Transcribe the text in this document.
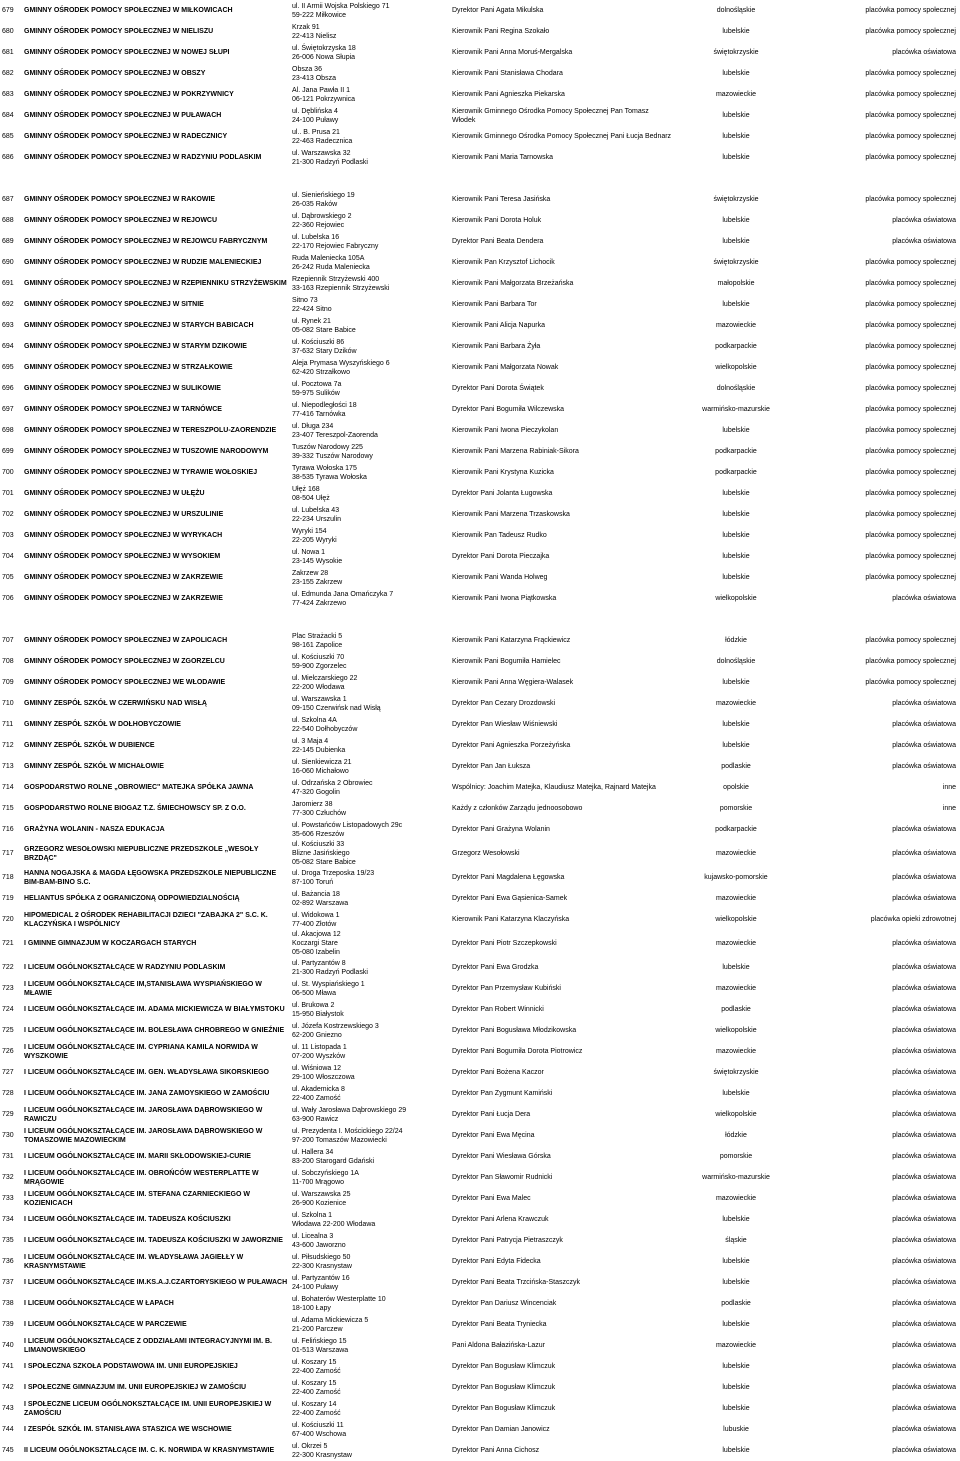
679	GMINNY OŚRODEK POMOCY SPOŁECZNEJ W MIŁKOWICACH	ul. II Armii Wojska Polskiego 71
59-222 Miłkowice	Dyrektor Pani Agata Mikulska	dolnośląskie	placówka pomocy społecznej
680	GMINNY OŚRODEK POMOCY SPOŁECZNEJ W NIELISZU	Krzak 91
22-413 Nielisz	Kierownik Pani Regina Szokało	lubelskie	placówka pomocy społecznej
681	GMINNY OŚRODEK POMOCY SPOŁECZNEJ W NOWEJ SŁUPI	ul. Świętokrzyska 18
26-006 Nowa Słupia	Kierownik Pani Anna Moruś-Mergalska	świętokrzyskie	placówka oświatowa
682	GMINNY OŚRODEK POMOCY SPOŁECZNEJ W OBSZY	Obsza 36
23-413 Obsza	Kierownik Pani Stanisława Chodara	lubelskie	placówka pomocy społecznej
683	GMINNY OŚRODEK POMOCY SPOŁECZNEJ W POKRZYWNICY	Al. Jana Pawła II 1
06-121 Pokrzywnica	Kierownik Pani Agnieszka Piekarska	mazowieckie	placówka pomocy społecznej
684	GMINNY OŚRODEK POMOCY SPOŁECZNEJ W PUŁAWACH	ul. Dęblińska 4
24-100 Puławy	Kierownik Gminnego Ośrodka Pomocy Społecznej Pan Tomasz Włodek	lubelskie	placówka pomocy społecznej
685	GMINNY OŚRODEK POMOCY SPOŁECZNEJ W RADECZNICY	ul.. B. Prusa 21
22-463 Radecznica	Kierownik Gminnego Ośrodka Pomocy Społecznej Pani Łucja Bednarz	lubelskie	placówka pomocy społecznej
686	GMINNY OŚRODEK POMOCY SPOŁECZNEJ W RADZYNIU PODLASKIM	ul. Warszawska 32
21-300 Radzyń Podlaski	Kierownik Pani Maria Tarnowska	lubelskie	placówka pomocy społecznej

687	GMINNY OŚRODEK POMOCY SPOŁECZNEJ W RAKOWIE	ul. Sienieńskiego 19
26-035 Raków	Kierownik Pani Teresa Jasińska	świętokrzyskie	placówka pomocy społecznej
688	GMINNY OŚRODEK POMOCY SPOŁECZNEJ W REJOWCU	ul. Dąbrowskiego 2
22-360 Rejowiec	Kierownik Pani Dorota Holuk	lubelskie	placówka oświatowa
689	GMINNY OŚRODEK POMOCY SPOŁECZNEJ W REJOWCU FABRYCZNYM	ul. Lubelska 16
22-170 Rejowiec Fabryczny	Dyrektor Pani Beata Dendera	lubelskie	placówka oświatowa
690	GMINNY OŚRODEK POMOCY SPOŁECZNEJ W RUDZIE MALENIECKIEJ	Ruda Maleniecka 105A
26-242 Ruda Maleniecka	Kierownik Pan Krzysztof Lichocik	świętokrzyskie	placówka pomocy społecznej
691	GMINNY OŚRODEK POMOCY SPOŁECZNEJ W RZEPIENNIKU STRZYŻEWSKIM	Rzepiennik Strzyżewski 400
33-163 Rzepiennik Strzyżewski	Kierownik Pani Małgorzata Brzeżańska	małopolskie	placówka pomocy społecznej
692	GMINNY OŚRODEK POMOCY SPOŁECZNEJ W SITNIE	Sitno 73
22-424 Sitno	Kierownik Pani Barbara Tor	lubelskie	placówka pomocy społecznej
693	GMINNY OŚRODEK POMOCY SPOŁECZNEJ W STARYCH BABICACH	ul. Rynek 21
05-082 Stare Babice	Kierownik Pani Alicja Napurka	mazowieckie	placówka pomocy społecznej
694	GMINNY OŚRODEK POMOCY SPOŁECZNEJ W STARYM DZIKOWIE	ul. Kościuszki 86
37-632 Stary Dzików	Kierownik Pani Barbara Żyła	podkarpackie	placówka pomocy społecznej
695	GMINNY OŚRODEK POMOCY SPOŁECZNEJ W STRZAŁKOWIE	Aleja Prymasa Wyszyńskiego 6
62-420 Strzałkowo	Kierownik Pani Małgorzata Nowak	wielkopolskie	placówka pomocy społecznej
696	GMINNY OŚRODEK POMOCY SPOŁECZNEJ W SULIKOWIE	ul. Pocztowa 7a
59-975 Sulików	Dyrektor Pani Dorota Świątek	dolnośląskie	placówka pomocy społecznej
697	GMINNY OŚRODEK POMOCY SPOŁECZNEJ W TARNÓWCE	ul. Niepodległości 18
77-416 Tarnówka	Dyrektor Pani Bogumiła Wilczewska	warmińsko-mazurskie	placówka pomocy społecznej
698	GMINNY OŚRODEK POMOCY SPOŁECZNEJ W TERESZPOLU-ZAORENDZIE	ul. Długa 234
23-407 Tereszpol-Zaorenda	Kierownik Pani Iwona Pieczykolan	lubelskie	placówka pomocy społecznej
699	GMINNY OŚRODEK POMOCY SPOŁECZNEJ W TUSZOWIE NARODOWYM	Tuszów Narodowy 225
39-332 Tuszów Narodowy	Kierownik Pani Marzena Rabiniak-Sikora	podkarpackie	placówka pomocy społecznej
700	GMINNY OŚRODEK POMOCY SPOŁECZNEJ W TYRAWIE WOŁOSKIEJ	Tyrawa Wołoska 175
38-535 Tyrawa Wołoska	Kierownik Pani Krystyna Kuzicka	podkarpackie	placówka pomocy społecznej
701	GMINNY OŚRODEK POMOCY SPOŁECZNEJ W UŁĘŻU	Ułęż 168
08-504 Ułęż	Dyrektor Pani Jolanta Ługowska	lubelskie	placówka pomocy społecznej
702	GMINNY OŚRODEK POMOCY SPOŁECZNEJ W URSZULINIE	ul. Lubelska 43
22-234 Urszulin	Kierownik Pani Marzena Trzaskowska	lubelskie	placówka pomocy społecznej
703	GMINNY OŚRODEK POMOCY SPOŁECZNEJ W WYRYKACH	Wyryki 154
22-205 Wyryki	Kierownik Pan Tadeusz Rudko	lubelskie	placówka pomocy społecznej
704	GMINNY OŚRODEK POMOCY SPOŁECZNEJ W WYSOKIEM	ul. Nowa 1
23-145 Wysokie	Dyrektor Pani Dorota Pieczajka	lubelskie	placówka pomocy społecznej
705	GMINNY OŚRODEK POMOCY SPOŁECZNEJ W ZAKRZEWIE	Zakrzew 28
23-155 Zakrzew	Kierownik Pani Wanda Holweg	lubelskie	placówka pomocy społecznej
706	GMINNY OŚRODEK POMOCY SPOŁECZNEJ W ZAKRZEWIE	ul. Edmunda Jana Omańczyka 7
77-424 Zakrzewo	Kierownik Pani Iwona Piątkowska	wielkopolskie	placówka oświatowa

707	GMINNY OŚRODEK POMOCY SPOŁECZNEJ W ZAPOLICACH	Plac Strażacki 5
98-161 Zapolice	Kierownik Pani Katarzyna Frąckiewicz	łódzkie	placówka pomocy społecznej
708	GMINNY OŚRODEK POMOCY SPOŁECZNEJ W ZGORZELCU	ul. Kościuszki 70
59-900 Zgorzelec	Kierownik Pani Bogumiła Hamielec	dolnośląskie	placówka pomocy społecznej
709	GMINNY OŚRODEK POMOCY SPOŁECZNEJ WE WŁODAWIE	ul. Mielczarskiego 22
22-200 Włodawa	Kierownik Pani Anna Węgiera-Walasek	lubelskie	placówka pomocy społecznej
710	GMINNY ZESPÓŁ SZKÓŁ W CZERWIŃSKU NAD WISŁĄ	ul. Warszawska 1
09-150 Czerwińsk nad Wisłą	Dyrektor Pan Cezary Drozdowski	mazowieckie	placówka oświatowa
711	GMINNY ZESPÓŁ SZKÓŁ W DOŁHOBYCZOWIE	ul. Szkolna 4A
22-540 Dołhobyczów	Dyrektor Pan Wiesław Wiśniewski	lubelskie	placówka oświatowa
712	GMINNY ZESPÓŁ SZKÓŁ W DUBIENCE	ul. 3 Maja 4
22-145 Dubienka	Dyrektor Pani Agnieszka Porzeżyńska	lubelskie	placówka oświatowa
713	GMINNY ZESPÓŁ SZKÓŁ W MICHAŁOWIE	ul. Sienkiewicza 21
16-060 Michałowo	Dyrektor Pan Jan Łuksza	podlaskie	placówka oświatowa
714	GOSPODARSTWO ROLNE „OBROWIEC" MATEJKA SPÓŁKA JAWNA	ul. Odrzańska 2 Obrowiec
47-320 Gogolin	Wspólnicy: Joachim Matejka, Klaudiusz Matejka, Rajnard Matejka	opolskie	inne
715	GOSPODARSTWO ROLNE BIOGAZ T.Z. ŚMIECHOWSCY SP. Z O.O.	Jaromierz 38
77-300 Człuchów	Każdy z członków Zarządu jednoosobowo	pomorskie	inne
716	GRAŻYNA WOLANIN - NASZA EDUKACJA	ul. Powstańców Listopadowych 29c
35-606 Rzeszów	Dyrektor Pani Grażyna Wolanin	podkarpackie	placówka oświatowa
717	GRZEGORZ WESOŁOWSKI NIEPUBLICZNE PRZEDSZKOLE „WESOŁY BRZDĄC"	ul. Kościuszki 33
Blizne Jasińskiego
05-082 Stare Babice	Grzegorz Wesołowski	mazowieckie	placówka oświatowa
718	HANNA NOGAJSKA & MAGDA ŁĘGOWSKA PRZEDSZKOLE NIEPUBLICZNE BIM-BAM-BINO S.C.	ul. Droga Trzeposka 19/23
87-100 Toruń	Dyrektor Pani Magdalena Łęgowska	kujawsko-pomorskie	placówka oświatowa
719	HELIANTUS SPÓŁKA Z OGRANICZONĄ ODPOWIEDZIALNOŚCIĄ	ul. Bażancia 18
02-892 Warszawa	Dyrektor Pani Ewa Gąsienica-Samek	mazowieckie	placówka oświatowa
720	HIPOMEDICAL 2 OŚRODEK REHABILITACJI DZIECI "ZABAJKA 2" S.C. K. KLACZYŃSKA I WSPÓLNICY	ul. Widokowa 1
77-400 Złotów	Kierownik Pani Katarzyna Klaczyńska	wielkopolskie	placówka opieki zdrowotnej
721	I GMINNE GIMNAZJUM W KOCZARGACH STARYCH	ul. Akacjowa 12
Koczargi Stare
05-080 Izabelin	Dyrektor Pani Piotr Szczepkowski	mazowieckie	placówka oświatowa
722	I LICEUM OGÓLNOKSZTAŁCĄCE W RADZYNIU PODLASKIM	ul. Partyzantów 8
21-300 Radzyń Podlaski	Dyrektor Pani Ewa Grodzka	lubelskie	placówka oświatowa
723	I LICEUM OGÓLNOKSZTAŁCĄCE IM,STANISŁAWA WYSPIAŃSKIEGO W MŁAWIE	ul. St. Wyspiańskiego 1
06-500 Mława	Dyrektor Pan Przemysław Kubiński	mazowieckie	placówka oświatowa
724	I LICEUM OGÓLNOKSZTAŁCĄCE IM. ADAMA MICKIEWICZA W BIAŁYMSTOKU	ul. Brukowa 2
15-950 Białystok	Dyrektor Pan Robert Winnicki	podlaskie	placówka oświatowa
725	I LICEUM OGÓLNOKSZTAŁCĄCE IM. BOLESŁAWA CHROBREGO W GNIEŹNIE	ul. Józefa Kostrzewskiego 3
62-200 Gniezno	Dyrektor Pani Bogusława Młodzikowska	wielkopolskie	placówka oświatowa
726	I LICEUM OGÓLNOKSZTAŁCĄCE IM. CYPRIANA KAMILA NORWIDA W WYSZKOWIE	ul. 11 Listopada 1
07-200 Wyszków	Dyrektor Pani Bogumiła Dorota Piotrowicz	mazowieckie	placówka oświatowa
727	I LICEUM OGÓLNOKSZTAŁCĄCE IM. GEN. WŁADYSŁAWA SIKORSKIEGO	ul. Wiśniowa 12
29-100 Włoszczowa	Dyrektor Pani Bożena Kaczor	świętokrzyskie	placówka oświatowa
728	I LICEUM OGÓLNOKSZTAŁCĄCE IM. JANA ZAMOYSKIEGO W ZAMOŚCIU	ul. Akademicka 8
22-400 Zamość	Dyrektor Pan Zygmunt Kamiński	lubelskie	placówka oświatowa
729	I LICEUM OGÓLNOKSZTAŁCĄCE IM. JAROSŁAWA DĄBROWSKIEGO W RAWICZU	ul. Wały Jarosława Dąbrowskiego 29
63-900 Rawicz	Dyrektor Pani Łucja Dera	wielkopolskie	placówka oświatowa
730	I LICEUM OGÓLNOKSZTAŁCĄCE IM. JAROSŁAWA DĄBROWSKIEGO W TOMASZOWIE MAZOWIECKIM	ul. Prezydenta I. Mościckiego 22/24
97-200 Tomaszów Mazowiecki	Dyrektor Pani Ewa Męcina	łódzkie	placówka oświatowa
731	I LICEUM OGÓLNOKSZTAŁCĄCE IM. MARII SKŁODOWSKIEJ-CURIE	ul. Hallera 34
83-200 Starogard Gdański	Dyrektor Pani Wiesława Górska	pomorskie	placówka oświatowa
732	I LICEUM OGÓLNOKSZTAŁCĄCE IM. OBROŃCÓW WESTERPLATTE W MRĄGOWIE	ul. Sobczyńskiego 1A
11-700 Mrągowo	Dyrektor Pan Sławomir Rudnicki	warmińsko-mazurskie	placówka oświatowa
733	I LICEUM OGÓLNOKSZTAŁCĄCE IM. STEFANA CZARNIECKIEGO W KOZIENICACH	ul. Warszawska 25
26-900 Kozienice	Dyrektor Pani Ewa Malec	mazowieckie	placówka oświatowa
734	I LICEUM OGÓLNOKSZTAŁCĄCE IM. TADEUSZA KOŚCIUSZKI	ul. Szkolna 1
Włodawa 22-200 Włodawa	Dyrektor Pani Arlena Krawczuk	lubelskie	placówka oświatowa
735	I LICEUM OGÓLNOKSZTAŁCĄCE IM. TADEUSZA KOŚCIUSZKI W JAWORZNIE	ul. Licealna 3
43-600 Jaworzno	Dyrektor Pani Patrycja Pietraszczyk	śląskie	placówka oświatowa
736	I LICEUM OGÓLNOKSZTAŁCĄCE IM. WŁADYSŁAWA JAGIEŁŁY W KRASNYMSTAWIE	ul. Piłsudskiego 50
22-300 Krasnystaw	Dyrektor Pani Edyta Fidecka	lubelskie	placówka oświatowa
737	I LICEUM OGÓLNOKSZTAŁCĄCE IM.KS.A.J.CZARTORYSKIEGO W PUŁAWACH	ul. Partyzantów 16
24-100 Puławy	Dyrektor Pani Beata Trzcińska-Staszczyk	lubelskie	placówka oświatowa
738	I LICEUM OGÓLNOKSZTAŁCĄCE W ŁAPACH	ul. Bohaterów Westerplatte 10
18-100 Łapy	Dyrektor Pan Dariusz Wincenciak	podlaskie	placówka oświatowa
739	I LICEUM OGÓLNOKSZTAŁCĄCE W PARCZEWIE	ul. Adama Mickiewicza 5
21-200 Parczew	Dyrektor Pani Beata Tryniecka	lubelskie	placówka oświatowa
740	I LICEUM OGÓLNOKSZTAŁCĄCE Z ODDZIAŁAMI INTEGRACYJNYMI IM. B. LIMANOWSKIEGO	ul. Felińskiego 15
01-513 Warszawa	Pani Aldona Bałazińska-Lazur	mazowieckie	placówka oświatowa
741	I SPOŁECZNA SZKOŁA PODSTAWOWA IM. UNII EUROPEJSKIEJ	ul. Koszary 15
22-400 Zamość	Dyrektor Pan Bogusław Klimczuk	lubelskie	placówka oświatowa
742	I SPOŁECZNE GIMNAZJUM IM. UNII EUROPEJSKIEJ W ZAMOŚCIU	ul. Koszary 15
22-400 Zamość	Dyrektor Pan Bogusław Klimczuk	lubelskie	placówka oświatowa
743	I SPOŁECZNE LICEUM OGÓLNOKSZTAŁCĄCE IM. UNII EUROPEJSKIEJ W ZAMOŚCIU	ul. Koszary 14
22-400 Zamość	Dyrektor Pan Bogusław Klimczuk	lubelskie	placówka oświatowa
744	I ZESPÓŁ SZKÓŁ IM. STANISŁAWA STASZICA WE WSCHOWIE	ul. Kościuszki 11
67-400 Wschowa	Dyrektor Pan Damian Janowicz	lubuskie	placówka oświatowa
745	II LICEUM OGÓLNOKSZTAŁCĄCE IM. C. K. NORWIDA W KRASNYMSTAWIE	ul. Okrzei 5
22-300 Krasnystaw	Dyrektor Pani Anna Cichosz	lubelskie	placówka oświatowa
